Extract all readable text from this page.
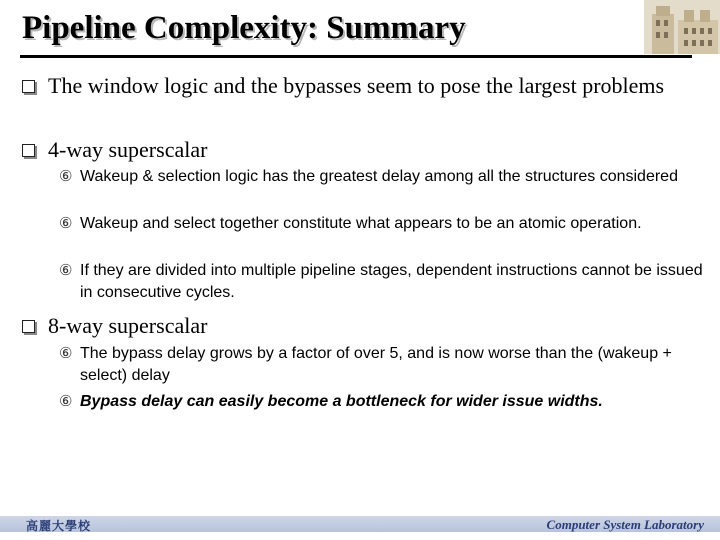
Pipeline Complexity: Summary
The window logic and the bypasses seem to pose the largest problems
4-way superscalar
⑥ Wakeup & selection logic has the greatest delay among all the structures considered
⑥ Wakeup and select together constitute what appears to be an atomic operation.
⑥ If they are divided into multiple pipeline stages, dependent instructions cannot be issued in consecutive cycles.
8-way superscalar
⑥ The bypass delay grows by a factor of over 5, and is now worse than the (wakeup + select) delay
⑥ Bypass delay can easily become a bottleneck for wider issue widths.
高麗大學校	Computer System Laboratory
